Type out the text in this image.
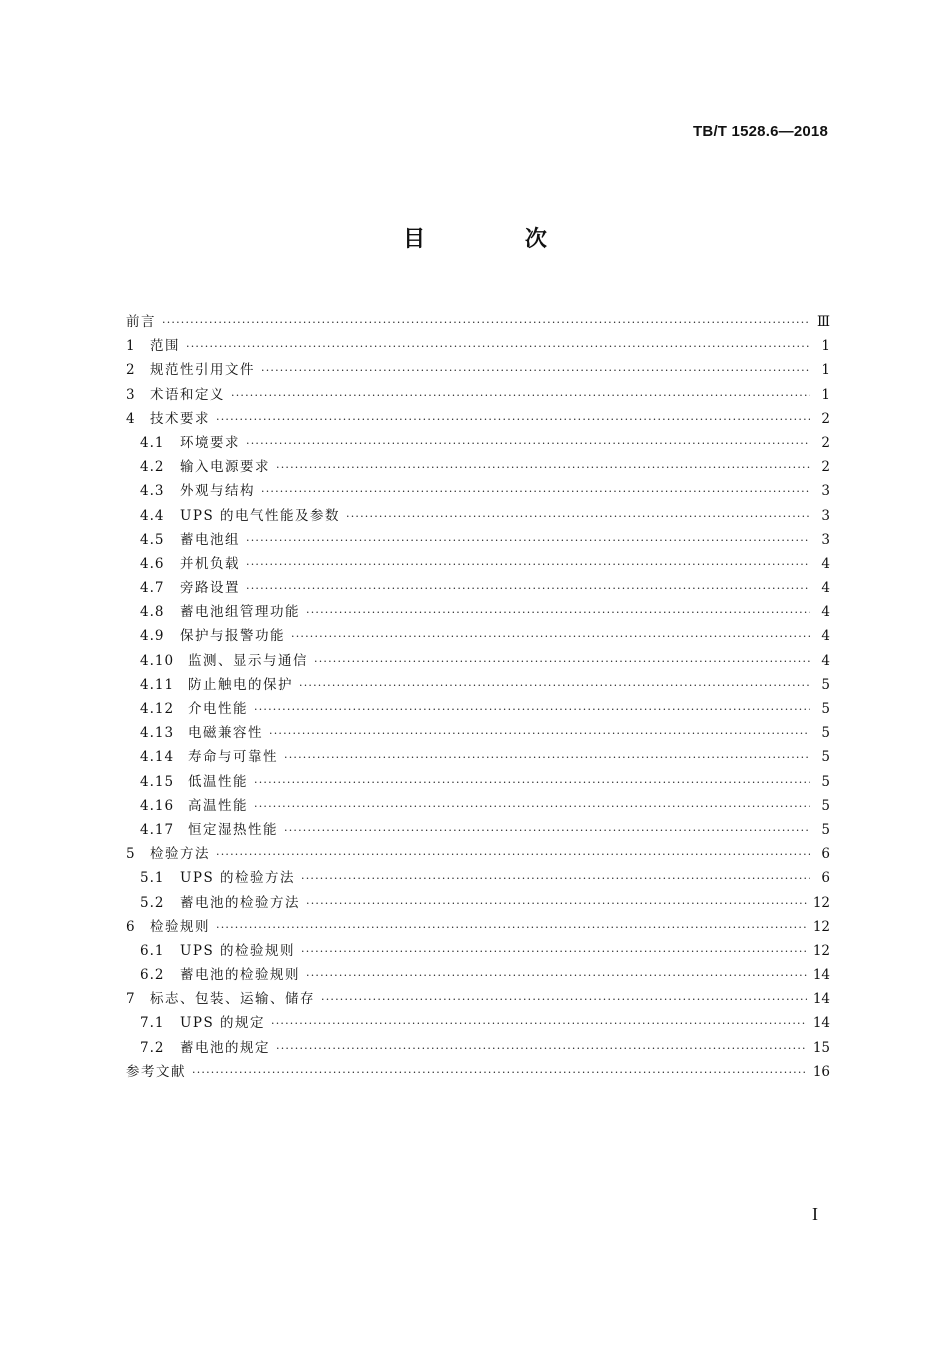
TB/T 1528.6—2018
目 次
前言 ·····	Ⅲ
1	范围 ·····	1
2	规范性引用文件 ·····	1
3	术语和定义 ·····	1
4	技术要求 ·····	2
4.1	环境要求 ·····	2
4.2	输入电源要求 ·····	2
4.3	外观与结构 ·····	3
4.4	UPS 的电气性能及参数 ·····	3
4.5	蓄电池组 ·····	3
4.6	并机负载 ·····	4
4.7	旁路设置 ·····	4
4.8	蓄电池组管理功能 ·····	4
4.9	保护与报警功能 ·····	4
4.10	监测、显示与通信 ·····	4
4.11	防止触电的保护 ·····	5
4.12	介电性能 ·····	5
4.13	电磁兼容性 ·····	5
4.14	寿命与可靠性 ·····	5
4.15	低温性能 ·····	5
4.16	高温性能 ·····	5
4.17	恒定湿热性能 ·····	5
5	检验方法 ·····	6
5.1	UPS 的检验方法 ·····	6
5.2	蓄电池的检验方法 ·····	12
6	检验规则 ·····	12
6.1	UPS 的检验规则 ·····	12
6.2	蓄电池的检验规则 ·····	14
7	标志、包装、运输、储存 ·····	14
7.1	UPS 的规定 ·····	14
7.2	蓄电池的规定 ·····	15
参考文献 ·····	16
I
